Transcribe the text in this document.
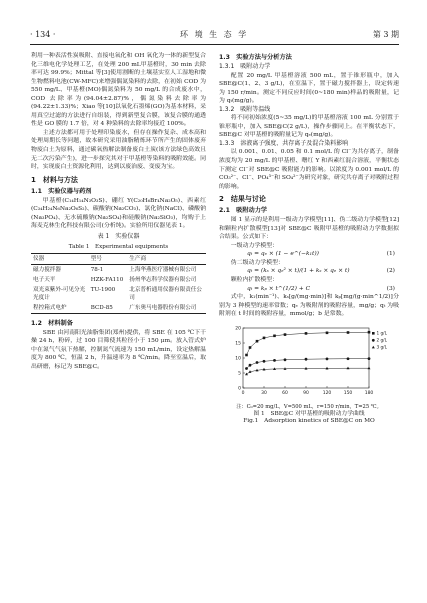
· 134 ·	环 境 生 态 学	第 3 期

利用一种表活性炭吸附、直接电氧化和 OH 氧化为一体的新型复合化三维电化学处理工艺，在处理 200 mL甲基橙时，30 min 去除率可达 99.9%；Mittal 等[3]使用割断的土壤基实室人工湿地和微生物燃料电池(CW-MFC)来增强偶氮染料的去除，在初始 COD 为 550 mg/L、甲基橙(MO)偶氮染料为 50 mg/L 的合成废水中，COD 去除率为(94.04±2.87)%，偶氮染料去除率为(94.22±1.33)%；Xiao 等[10]以氧化石墨烯(GO)为基本材料，采用真空过滤的方法进行自组装，得到新型复合膜，该复合膜的通透性是 GO 膜的 1.7 倍，对 4 种染料的去除率均接近 100%。

主述方法都可用于处理印染废水，但存在操作复杂、成本高和处理周期长等问题，故本研究采用油脂精炼环节所产生的固体废弃物废白土为原料，通过碳氧热解法制备废白土炭(该方法绿色高效且无二次污染产生)，进一步探究其对于甲基橙等染料的吸附效能。同时，实现废白土资源化利用，达到以废治废、变废为宝。

1　材料与方法
1.1　实验仪器与药剂

甲基橙(C₁₄H₁₄N₃O₃S)、硼红 Y(C₂₀H₆Br₄Na₂O₅)、西素红(C₃₄H₂₄N₆Na₂O₆S₂)、碳酸钠(Na₂CO₃)、氯化钠(NaCl)、磷酸钠(Na₃PO₄)、无水硫酸钠(Na₂SO₄)和硅酸钠(Na₂SiO₃)，均购于上海麦克林生化科技有限公司(分析纯)。实验所用仪器见表 1。

表 1　实验仪器

Table 1　Experimental equipments

仪器	型号	生产商
磁力搅拌器	78-1	上海华燕医疗器械有限公司
电子天平	HZK-FA110	扬州华志科学仪器有限公司
双光束紫外-可见分光光度计	TU-1900	北京普析通用仪器有限责任公司
程控箱式电炉	BCD-85	广东奥马电器股份有限公司
1.2　材料制备

SBE 由河南阳光油脂集团(郑州)提供，将 SBE 在 105 ℃下干燥 24 h，粉碎，过 100 目筛使其粒径小于 150 μm。放入管式炉中在氮气气氛下热解，控制氮气流速为 150 mL/min，设定热解温度为 800 ℃，恒温 2 h，升温速率为 8 ℃/min。降至室温后，取出研磨，标记为 SBE@C。

1.3　实验方法与分析方法
1.3.1　吸附动力学

配置 20 mg/L 甲基橙溶液 500 mL，置于锥形瓶中，加入 SBE@C(1、2、3 g/L)，在室温下，置于磁力搅拌器上，设定转速为 150 r/min。测定不同反应时间(0~180 min)样品的吸附量，记为 qₜ(mg/g)。

1.3.2　吸附等温线

将不同初始浓度(5~35 mg/L)的甲基橙溶液 100 mL 分别置于锥形瓶中，加入 SBE@C(2 g/L)，操作步骤同上。在平衡状态下，SBE@C 对甲基橙的吸附量记为 qₑ(mg/g)。

1.3.3　溶液离子强度、共存离子及混合染料影响

以 0.001、0.01、0.05 和 0.1 mol/L 的 Cl⁻为共存离子，制备浓度均为 20 mg/L 的甲基橙、曙红 Y 和西素红混合溶液，平衡状态下测定 Cl⁻对 SBE@C 吸附能力的影响。以浓度为 0.001 mol/L 的 CO₃²⁻、Cl⁻、PO₄³⁻和 SO₄²⁻为研究对象，研究共存离子对吸附过程的影响。

2　结果与讨论
2.1　吸附动力学

图 1 显示的是利用一级动力学模型[11]、伪二级动力学模型[12]和颗粒内扩散模型[13]对 SBE@C 吸附甲基橙的吸附动力学数据拟合结果。公式如下：

一级动力学模型：

qₜ = qₑ × (1 − e^(−k₁t))	(1)

伪二级动力学模型：

qₜ = (kₛ × qₑ² × t)/(1 + kₛ × qₑ × t)	(2)

颗粒内扩散模型：

qₜ = kₚ × t^(1/2) + C	(3)

式中，k₁(min⁻¹)、kₛ[g/(mg·min)]和 kₚ[mg/(g·min^1/2)]分别为 3 种模型的速率常数；qₑ 为吸附剂的吸附容量，mg/g；qₜ 为吸附剂在 t 时间的吸附容量，mmol/g；b 是常数。

0	30	60	90	120	150	180
0
5
10
15
20
1 g/L
2 g/L
3 g/L

注：C₀=20 mg/L，V=500 mL，r=150 r/min，T=25 ℃。

图 1　SBE@C 对甲基橙的吸附动力学曲线

Fig.1　Adsorption kinetics of SBE@C on MO
